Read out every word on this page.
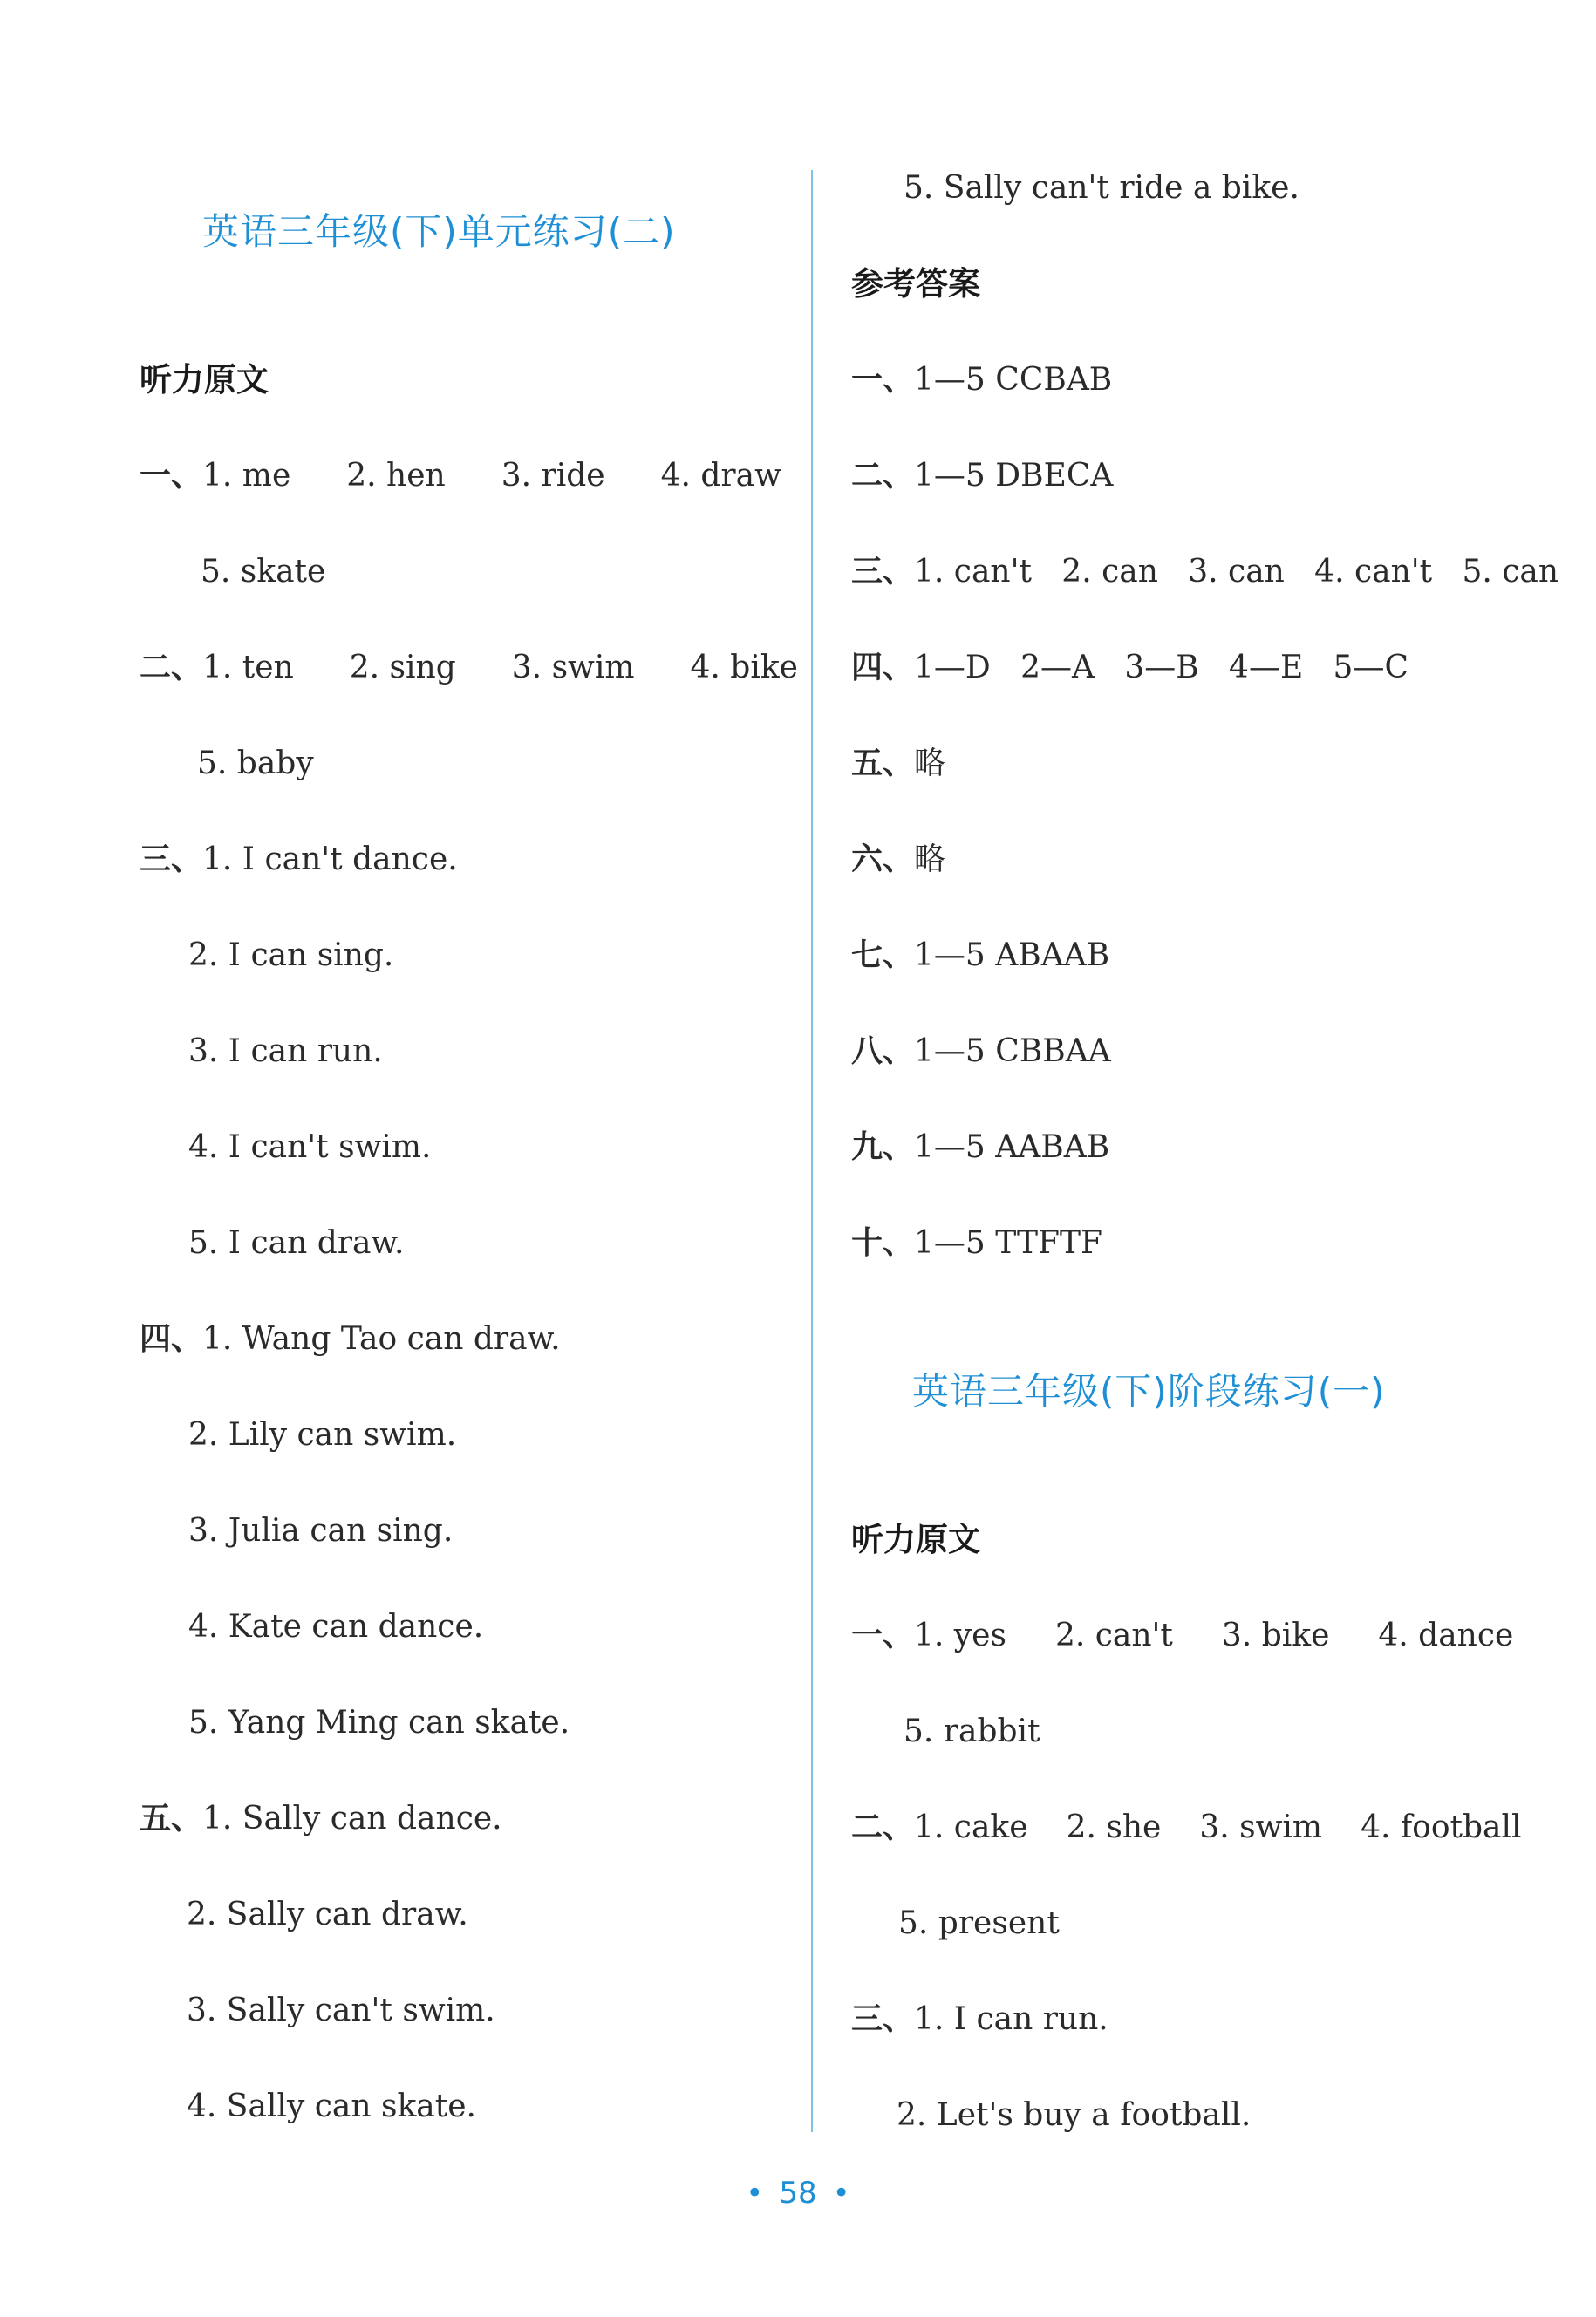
英语三年级(下)单元练习(二)
听力原文
一、1. me 2. hen 3. ride 4. draw
5. skate
二、1. ten 2. sing 3. swim 4. bike
5. baby
三、1. I can't dance.
2. I can sing.
3. I can run.
4. I can't swim.
5. I can draw.
四、1. Wang Tao can draw.
2. Lily can swim.
3. Julia can sing.
4. Kate can dance.
5. Yang Ming can skate.
五、1. Sally can dance.
2. Sally can draw.
3. Sally can't swim.
4. Sally can skate.
5. Sally can't ride a bike.
参考答案
一、1—5 CCBAB
二、1—5 DBECA
三、1. can't   2. can   3. can   4. can't   5. can
四、1—D   2—A   3—B   4—E   5—C
五、略
六、略
七、1—5 ABAAB
八、1—5 CBBAA
九、1—5 AABAB
十、1—5 TTFTF
英语三年级(下)阶段练习(一)
听力原文
一、1. yes 2. can't 3. bike 4. dance
5. rabbit
二、1. cake 2. she 3. swim 4. football
5. present
三、1. I can run.
2. Let's buy a football.
• 58 •
